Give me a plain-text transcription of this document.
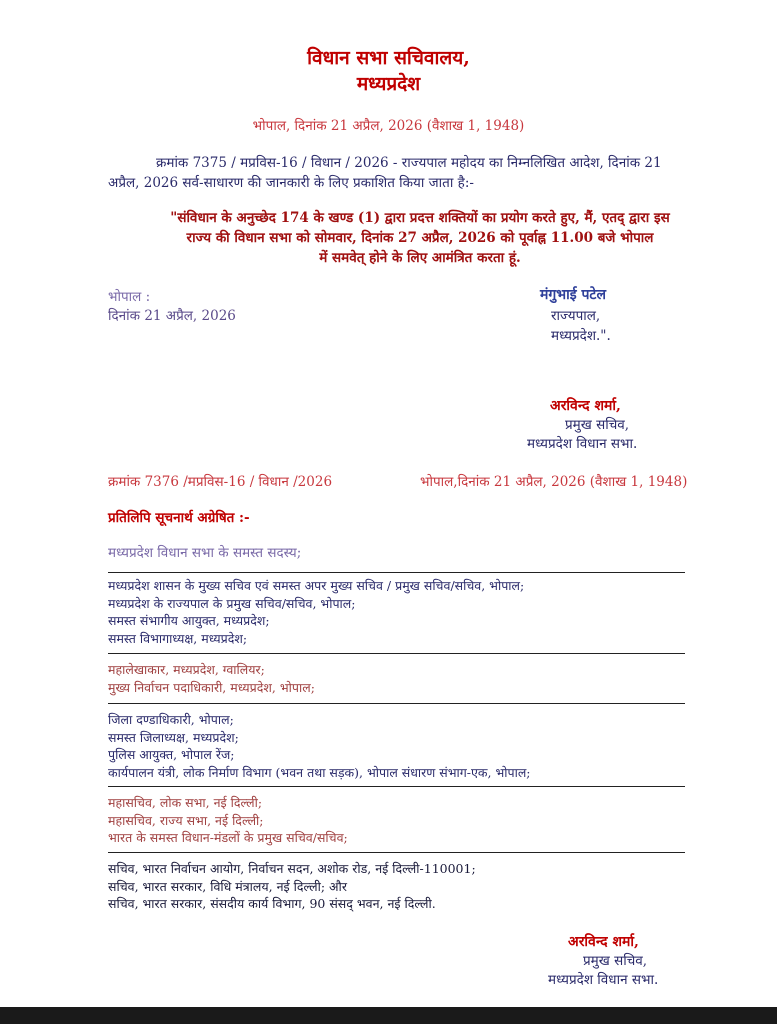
विधान सभा सचिवालय,
मध्यप्रदेश
भोपाल, दिनांक 21 अप्रैल, 2026 (वैशाख 1, 1948)
क्रमांक 7375 / मप्रविस-16 / विधान / 2026 - राज्यपाल महोदय का निम्नलिखित आदेश, दिनांक 21
अप्रैल, 2026 सर्व-साधारण की जानकारी के लिए प्रकाशित किया जाता है:-
"संविधान के अनुच्छेद 174 के खण्ड (1) द्वारा प्रदत्त शक्तियों का प्रयोग करते हुए, मैं, एतद् द्वारा इस
राज्य की विधान सभा को सोमवार, दिनांक 27 अप्रैल, 2026 को पूर्वाह्न 11.00 बजे भोपाल
में समवेत् होने के लिए आमंत्रित करता हूं.
भोपाल :
दिनांक 21 अप्रैल, 2026
मंगुभाई पटेल
राज्यपाल,
मध्यप्रदेश.".
अरविन्द शर्मा,
प्रमुख सचिव,
मध्यप्रदेश विधान सभा.
क्रमांक 7376 /मप्रविस-16 / विधान /2026	भोपाल,दिनांक 21 अप्रैल, 2026 (वैशाख 1, 1948)
प्रतिलिपि सूचनार्थ अग्रेषित :-
मध्यप्रदेश विधान सभा के समस्त सदस्य;
मध्यप्रदेश शासन के मुख्य सचिव एवं समस्त अपर मुख्य सचिव / प्रमुख सचिव/सचिव, भोपाल;
मध्यप्रदेश के राज्यपाल के प्रमुख सचिव/सचिव, भोपाल;
समस्त संभागीय आयुक्त, मध्यप्रदेश;
समस्त विभागाध्यक्ष, मध्यप्रदेश;
महालेखाकार, मध्यप्रदेश, ग्वालियर;
मुख्य निर्वाचन पदाधिकारी, मध्यप्रदेश, भोपाल;
जिला दण्डाधिकारी, भोपाल;
समस्त जिलाध्यक्ष, मध्यप्रदेश;
पुलिस आयुक्त, भोपाल रेंज;
कार्यपालन यंत्री, लोक निर्माण विभाग (भवन तथा सड़क), भोपाल संधारण संभाग-एक, भोपाल;
महासचिव, लोक सभा, नई दिल्ली;
महासचिव, राज्य सभा, नई दिल्ली;
भारत के समस्त विधान-मंडलों के प्रमुख सचिव/सचिव;
सचिव, भारत निर्वाचन आयोग, निर्वाचन सदन, अशोक रोड, नई दिल्ली-110001;
सचिव, भारत सरकार, विधि मंत्रालय, नई दिल्ली; और
सचिव, भारत सरकार, संसदीय कार्य विभाग, 90 संसद् भवन, नई दिल्ली.
अरविन्द शर्मा,
प्रमुख सचिव,
मध्यप्रदेश विधान सभा.
